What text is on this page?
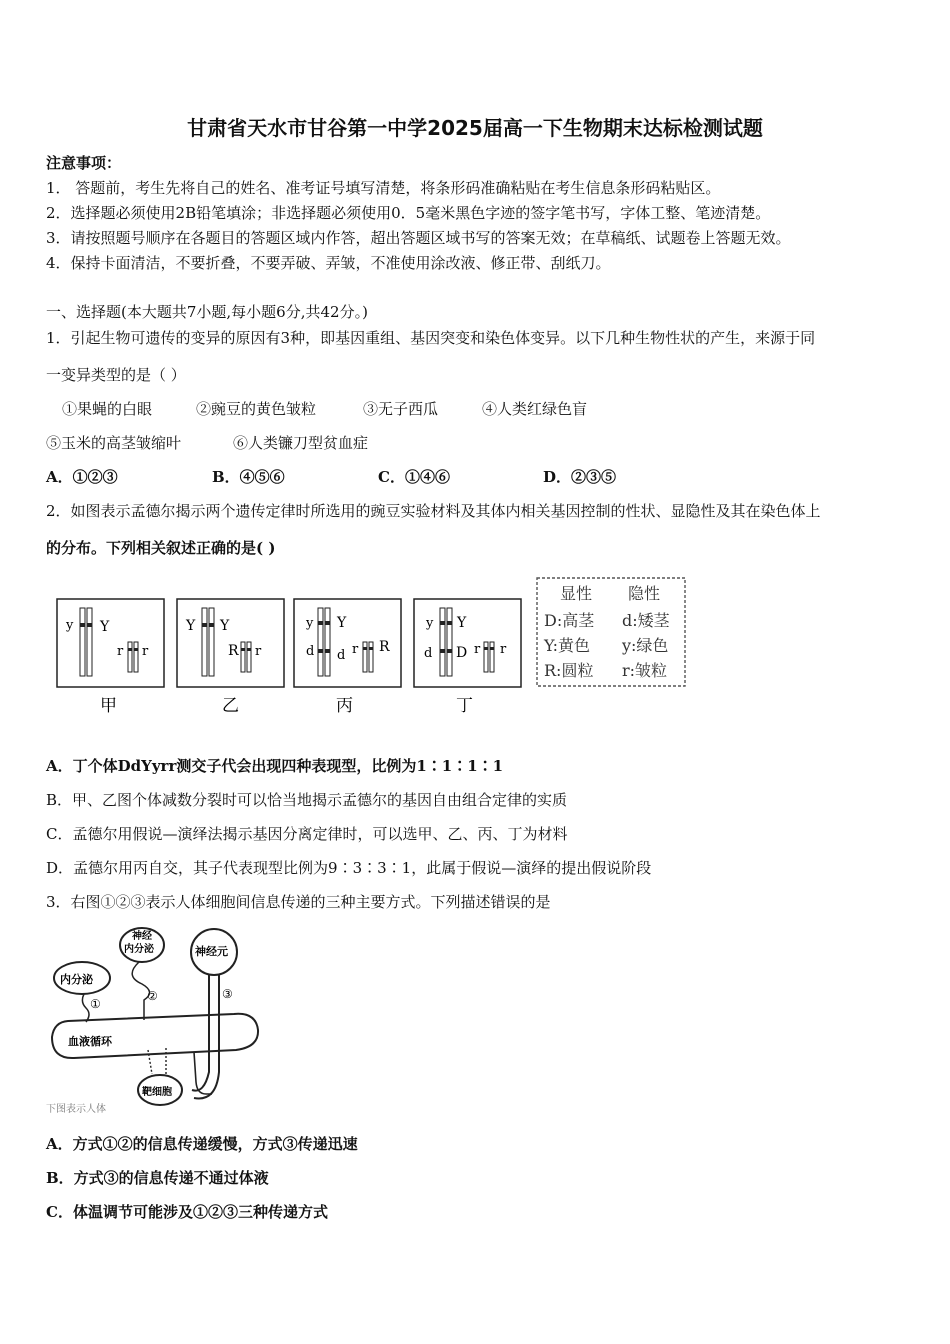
甘肃省天水市甘谷第一中学2025届高一下生物期末达标检测试题
注意事项：
1． 答题前，考生先将自己的姓名、准考证号填写清楚，将条形码准确粘贴在考生信息条形码粘贴区。
2．选择题必须使用2B铅笔填涂；非选择题必须使用0．5毫米黑色字迹的签字笔书写，字体工整、笔迹清楚。
3．请按照题号顺序在各题目的答题区域内作答，超出答题区域书写的答案无效；在草稿纸、试题卷上答题无效。
4．保持卡面清洁，不要折叠，不要弄破、弄皱，不准使用涂改液、修正带、刮纸刀。
一、选择题(本大题共7小题,每小题6分,共42分。)
1．引起生物可遗传的变异的原因有3种，即基因重组、基因突变和染色体变异。以下几种生物性状的产生，来源于同
一变异类型的是（ ）
①果蝇的白眼	②豌豆的黄色皱粒	③无子西瓜	④人类红绿色盲
⑤玉米的高茎皱缩叶	⑥人类镰刀型贫血症
A．①②③	B．④⑤⑥	C．①④⑥	D．②③⑤
2．如图表示孟德尔揭示两个遗传定律时所选用的豌豆实验材料及其体内相关基因控制的性状、显隐性及其在染色体上
的分布。下列相关叙述正确的是( )
y Y
r r
甲
Y Y
R r
乙
y Y
d d r R
丙
y Y
d D r r
丁
显性 隐性
D:高茎 d:矮茎
Y:黄色 y:绿色
R:圆粒 r:皱粒
A．丁个体DdYyrr测交子代会出现四种表现型，比例为1∶1∶1∶1
B．甲、乙图个体减数分裂时可以恰当地揭示孟德尔的基因自由组合定律的实质
C．孟德尔用假说—演绎法揭示基因分离定律时，可以选甲、乙、丙、丁为材料
D．孟德尔用丙自交，其子代表现型比例为9∶3∶3∶1，此属于假说—演绎的提出假说阶段
3．右图①②③表示人体细胞间信息传递的三种主要方式。下列描述错误的是
内分泌
神经
内分泌	神经元
血液循环
靶细胞
①
②	③
下图表示人体
A．方式①②的信息传递缓慢，方式③传递迅速
B．方式③的信息传递不通过体液
C．体温调节可能涉及①②③三种传递方式
